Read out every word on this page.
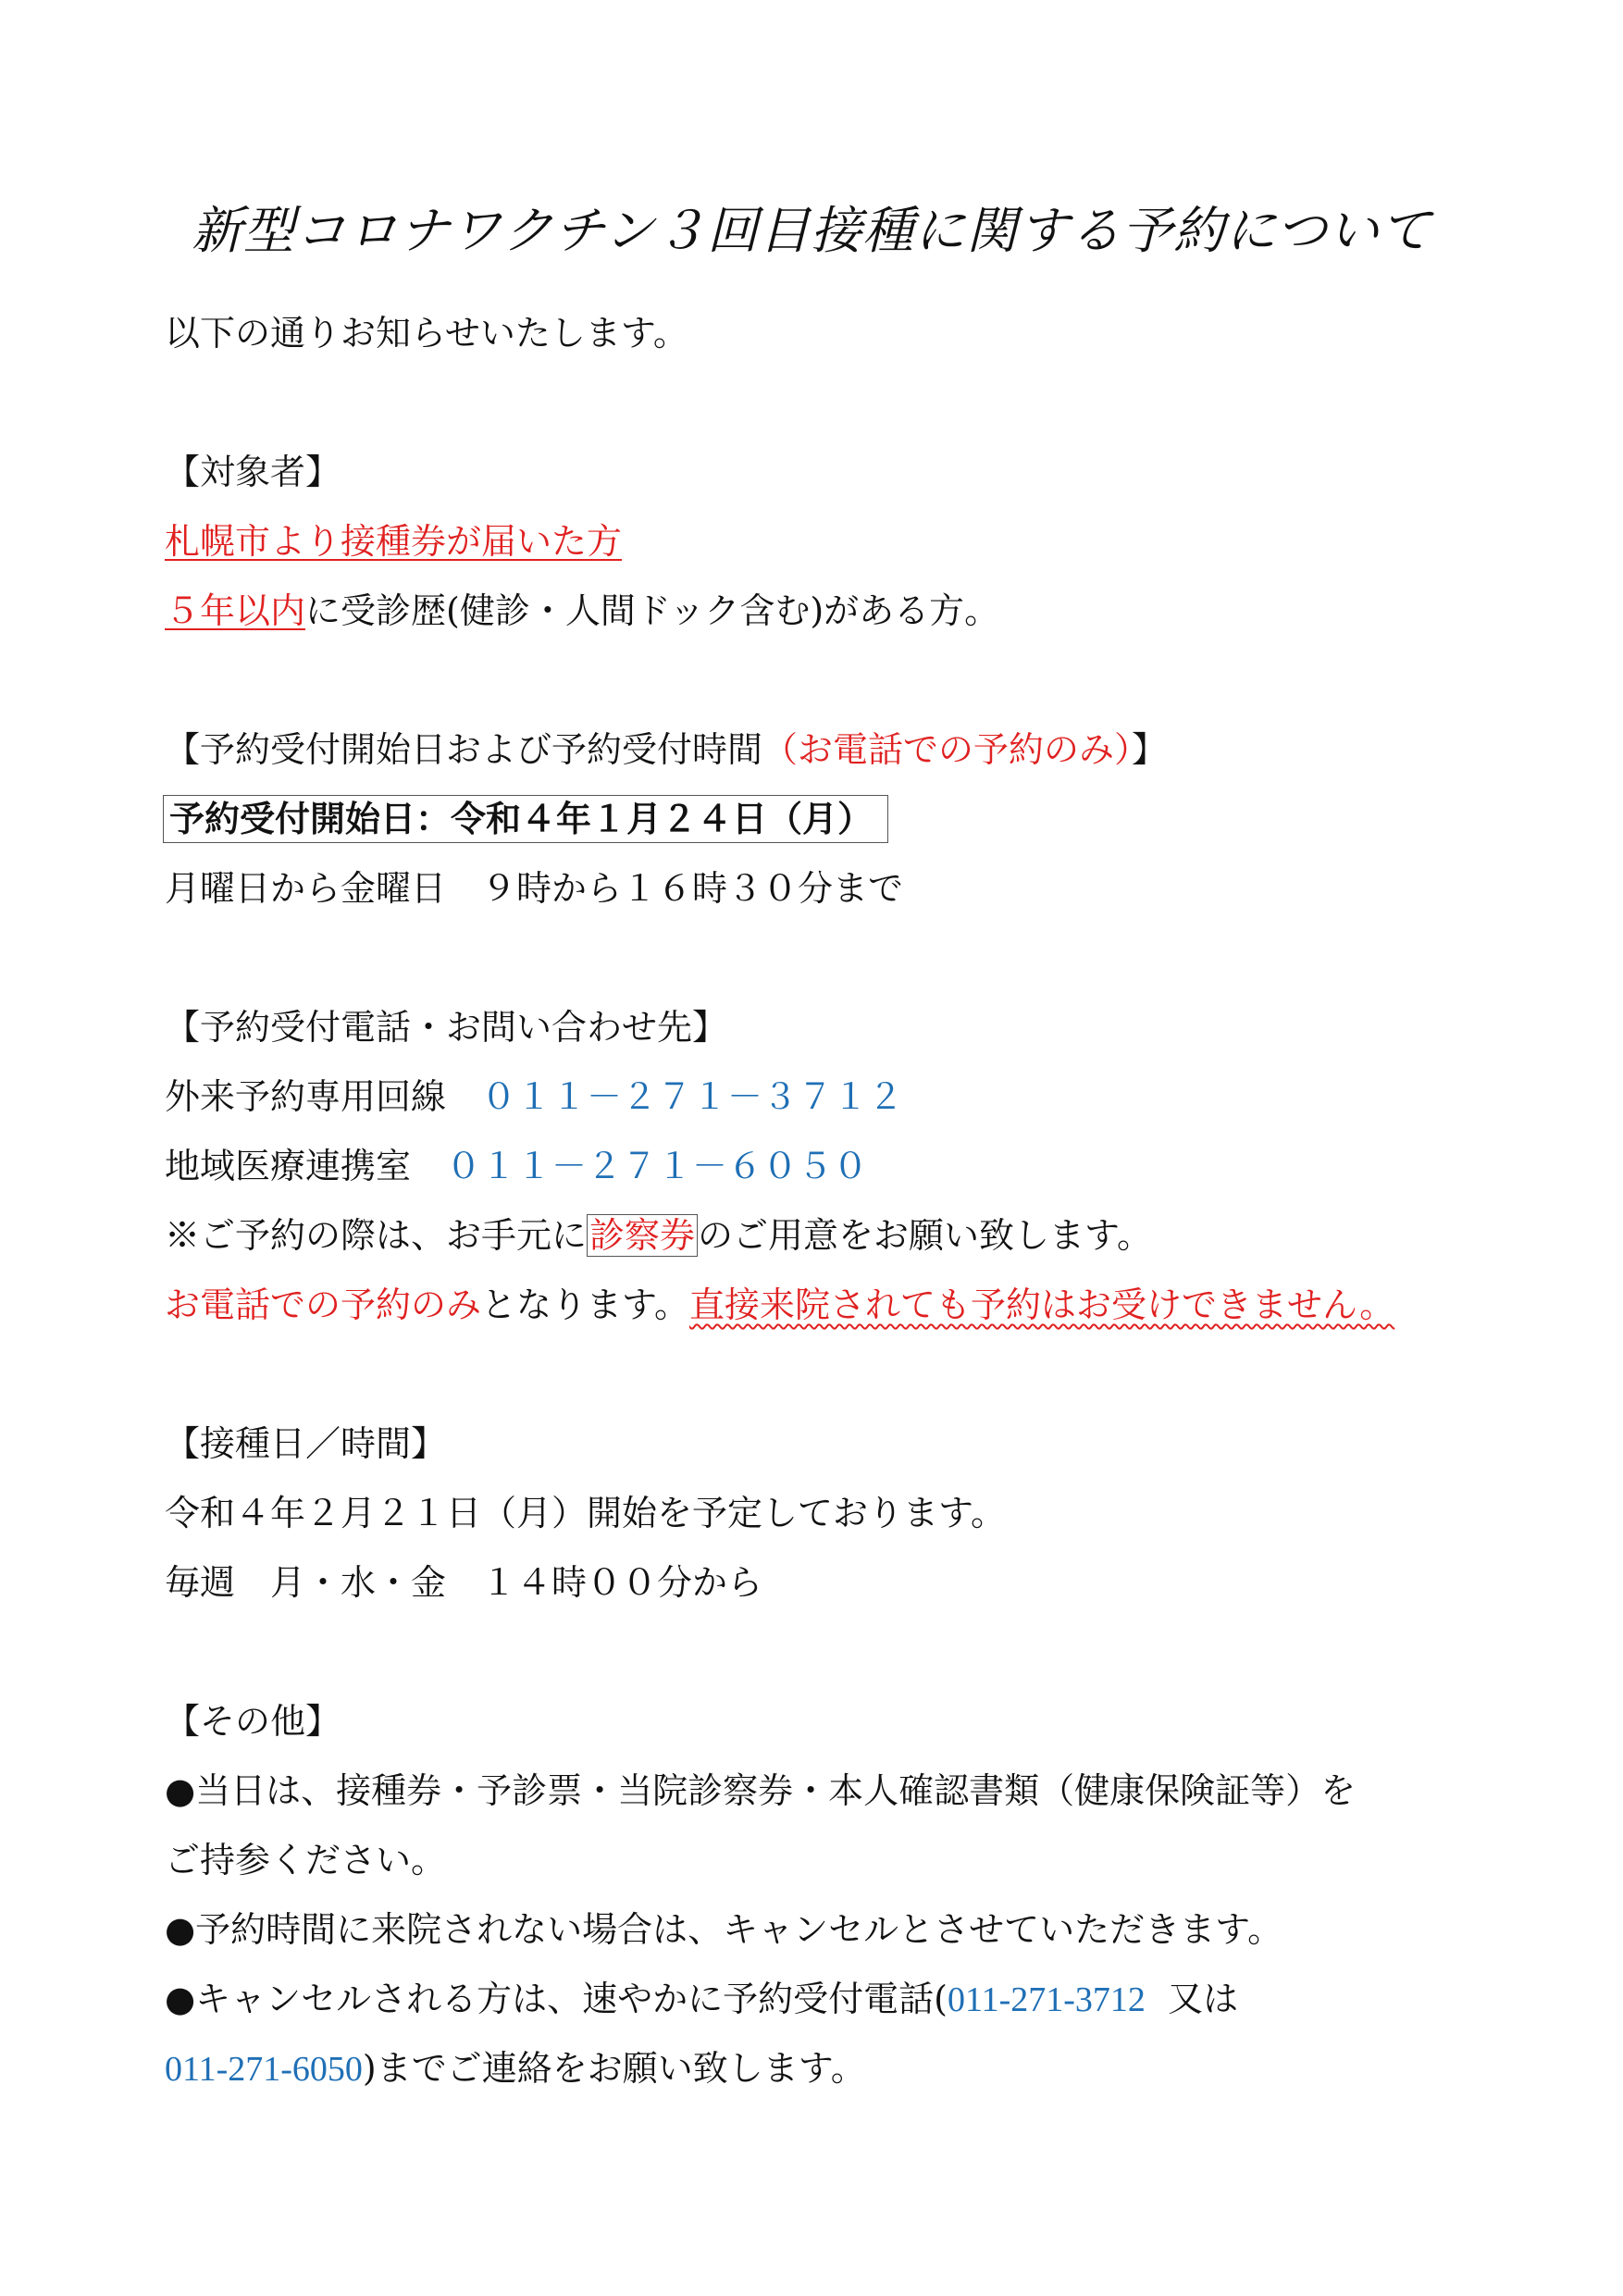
新型コロナワクチン３回目接種に関する予約について
以下の通りお知らせいたします。
【対象者】
札幌市より接種券が届いた方
５年以内に受診歴(健診・人間ドック含む)がある方。
【予約受付開始日および予約受付時間（お電話での予約のみ）】
予約受付開始日：令和４年１月２４日（月）
月曜日から金曜日　９時から１６時３０分まで
【予約受付電話・お問い合わせ先】
外来予約専用回線　０１１－２７１－３７１２
地域医療連携室　０１１－２７１－６０５０
※ご予約の際は、お手元に診察券のご用意をお願い致します。
お電話での予約のみとなります。直接来院されても予約はお受けできません。
【接種日／時間】
令和４年２月２１日（月）開始を予定しております。
毎週　月・水・金　１４時００分から
【その他】
●当日は、接種券・予診票・当院診察券・本人確認書類（健康保険証等）を
ご持参ください。
●予約時間に来院されない場合は、キャンセルとさせていただきます。
●キャンセルされる方は、速やかに予約受付電話(011-271-3712  又は
011-271-6050)までご連絡をお願い致します。
